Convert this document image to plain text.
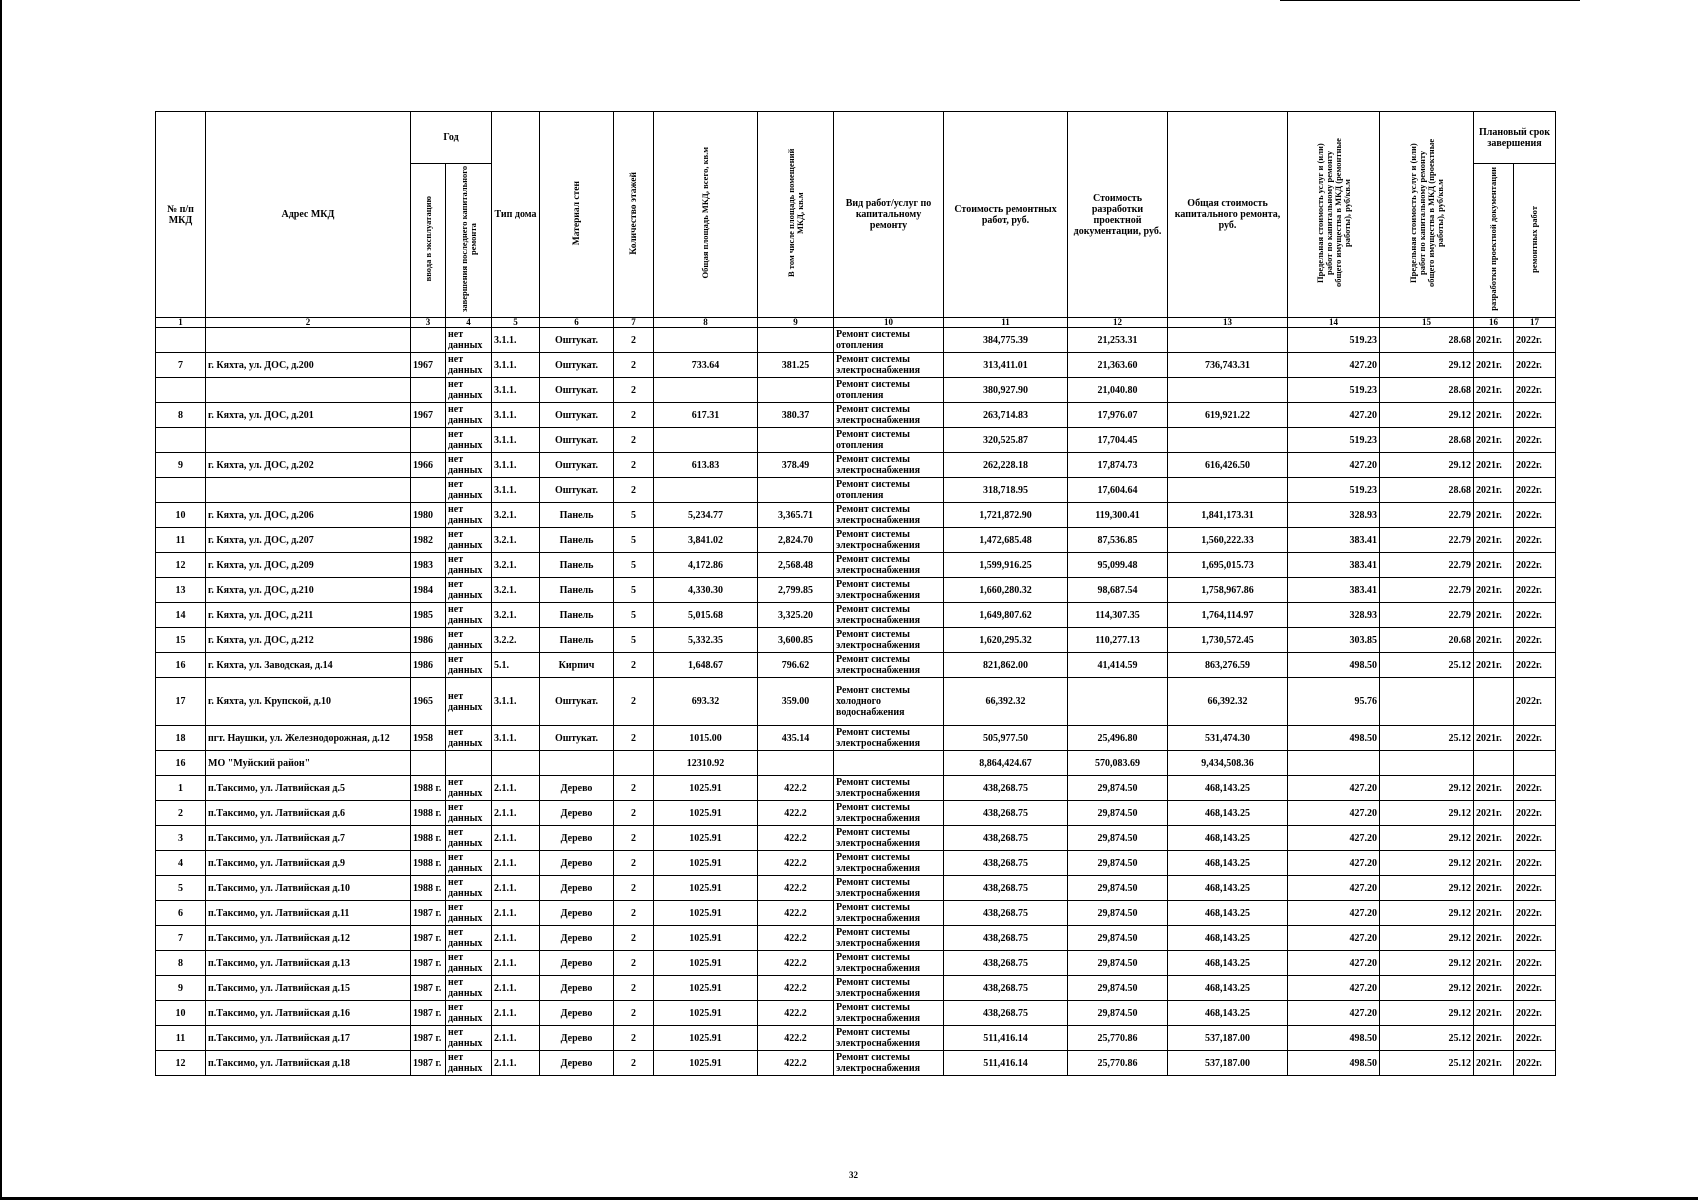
№ п/п МКД	Адрес МКД	Год		Тип дома	Материал стен	Количество этажей	Общая площадь МКД, всего, кв.м	В том числе площадь помещений МКД, кв.м	Вид работ/услуг по капитальному ремонту	Стоимость ремонтных работ, руб.	Стоимость разработки проектной документации, руб.	Общая стоимость капитального ремонта, руб.	Предельная стоимость услуг и (или) работ по капитальному ремонту общего имущества в МКД (ремонтные работы), руб/кв.м	Предельная стоимость услуг и (или) работ по капитальному ремонту общего имущества в МКД (проектные работы), руб/кв.м	Плановый срок завершения	
		ввода в эксплуатацию	завершения последнего капитального ремонта												разработки проектной документации	ремонтных работ
1	2	3	4	5	6	7	8	9	10	11	12	13	14	15	16	17
			нет данных	3.1.1.	Оштукат.	2			Ремонт системы отопления	384,775.39	21,253.31		519.23	28.68	2021г.	2022г.
7	г. Кяхта, ул. ДОС, д.200	1967	нет данных	3.1.1.	Оштукат.	2	733.64	381.25	Ремонт системы электроснабжения	313,411.01	21,363.60	736,743.31	427.20	29.12	2021г.	2022г.
			нет данных	3.1.1.	Оштукат.	2			Ремонт системы отопления	380,927.90	21,040.80		519.23	28.68	2021г.	2022г.
8	г. Кяхта, ул. ДОС, д.201	1967	нет данных	3.1.1.	Оштукат.	2	617.31	380.37	Ремонт системы электроснабжения	263,714.83	17,976.07	619,921.22	427.20	29.12	2021г.	2022г.
			нет данных	3.1.1.	Оштукат.	2			Ремонт системы отопления	320,525.87	17,704.45		519.23	28.68	2021г.	2022г.
9	г. Кяхта, ул. ДОС, д.202	1966	нет данных	3.1.1.	Оштукат.	2	613.83	378.49	Ремонт системы электроснабжения	262,228.18	17,874.73	616,426.50	427.20	29.12	2021г.	2022г.
			нет данных	3.1.1.	Оштукат.	2			Ремонт системы отопления	318,718.95	17,604.64		519.23	28.68	2021г.	2022г.
10	г. Кяхта, ул. ДОС, д.206	1980	нет данных	3.2.1.	Панель	5	5,234.77	3,365.71	Ремонт системы электроснабжения	1,721,872.90	119,300.41	1,841,173.31	328.93	22.79	2021г.	2022г.
11	г. Кяхта, ул. ДОС, д.207	1982	нет данных	3.2.1.	Панель	5	3,841.02	2,824.70	Ремонт системы электроснабжения	1,472,685.48	87,536.85	1,560,222.33	383.41	22.79	2021г.	2022г.
12	г. Кяхта, ул. ДОС, д.209	1983	нет данных	3.2.1.	Панель	5	4,172.86	2,568.48	Ремонт системы электроснабжения	1,599,916.25	95,099.48	1,695,015.73	383.41	22.79	2021г.	2022г.
13	г. Кяхта, ул. ДОС, д.210	1984	нет данных	3.2.1.	Панель	5	4,330.30	2,799.85	Ремонт системы электроснабжения	1,660,280.32	98,687.54	1,758,967.86	383.41	22.79	2021г.	2022г.
14	г. Кяхта, ул. ДОС, д.211	1985	нет данных	3.2.1.	Панель	5	5,015.68	3,325.20	Ремонт системы электроснабжения	1,649,807.62	114,307.35	1,764,114.97	328.93	22.79	2021г.	2022г.
15	г. Кяхта, ул. ДОС, д.212	1986	нет данных	3.2.2.	Панель	5	5,332.35	3,600.85	Ремонт системы электроснабжения	1,620,295.32	110,277.13	1,730,572.45	303.85	20.68	2021г.	2022г.
16	г. Кяхта, ул. Заводская, д.14	1986	нет данных	5.1.	Кирпич	2	1,648.67	796.62	Ремонт системы электроснабжения	821,862.00	41,414.59	863,276.59	498.50	25.12	2021г.	2022г.
17	г. Кяхта, ул. Крупской, д.10	1965	нет данных	3.1.1.	Оштукат.	2	693.32	359.00	Ремонт системы холодного водоснабжения	66,392.32		66,392.32	95.76			2022г.
18	пгт. Наушки, ул. Железнодорожная, д.12	1958	нет данных	3.1.1.	Оштукат.	2	1015.00	435.14	Ремонт системы электроснабжения	505,977.50	25,496.80	531,474.30	498.50	25.12	2021г.	2022г.
16	МО "Муйский район"						12310.92			8,864,424.67	570,083.69	9,434,508.36				
1	п.Таксимо, ул. Латвийская д.5	1988 г.	нет данных	2.1.1.	Дерево	2	1025.91	422.2	Ремонт системы электроснабжения	438,268.75	29,874.50	468,143.25	427.20	29.12	2021г.	2022г.
2	п.Таксимо, ул. Латвийская д.6	1988 г.	нет данных	2.1.1.	Дерево	2	1025.91	422.2	Ремонт системы электроснабжения	438,268.75	29,874.50	468,143.25	427.20	29.12	2021г.	2022г.
3	п.Таксимо, ул. Латвийская д.7	1988 г.	нет данных	2.1.1.	Дерево	2	1025.91	422.2	Ремонт системы электроснабжения	438,268.75	29,874.50	468,143.25	427.20	29.12	2021г.	2022г.
4	п.Таксимо, ул. Латвийская д.9	1988 г.	нет данных	2.1.1.	Дерево	2	1025.91	422.2	Ремонт системы электроснабжения	438,268.75	29,874.50	468,143.25	427.20	29.12	2021г.	2022г.
5	п.Таксимо, ул. Латвийская д.10	1988 г.	нет данных	2.1.1.	Дерево	2	1025.91	422.2	Ремонт системы электроснабжения	438,268.75	29,874.50	468,143.25	427.20	29.12	2021г.	2022г.
6	п.Таксимо, ул. Латвийская д.11	1987 г.	нет данных	2.1.1.	Дерево	2	1025.91	422.2	Ремонт системы электроснабжения	438,268.75	29,874.50	468,143.25	427.20	29.12	2021г.	2022г.
7	п.Таксимо, ул. Латвийская д.12	1987 г.	нет данных	2.1.1.	Дерево	2	1025.91	422.2	Ремонт системы электроснабжения	438,268.75	29,874.50	468,143.25	427.20	29.12	2021г.	2022г.
8	п.Таксимо, ул. Латвийская д.13	1987 г.	нет данных	2.1.1.	Дерево	2	1025.91	422.2	Ремонт системы электроснабжения	438,268.75	29,874.50	468,143.25	427.20	29.12	2021г.	2022г.
9	п.Таксимо, ул. Латвийская д.15	1987 г.	нет данных	2.1.1.	Дерево	2	1025.91	422.2	Ремонт системы электроснабжения	438,268.75	29,874.50	468,143.25	427.20	29.12	2021г.	2022г.
10	п.Таксимо, ул. Латвийская д.16	1987 г.	нет данных	2.1.1.	Дерево	2	1025.91	422.2	Ремонт системы электроснабжения	438,268.75	29,874.50	468,143.25	427.20	29.12	2021г.	2022г.
11	п.Таксимо, ул. Латвийская д.17	1987 г.	нет данных	2.1.1.	Дерево	2	1025.91	422.2	Ремонт системы электроснабжения	511,416.14	25,770.86	537,187.00	498.50	25.12	2021г.	2022г.
12	п.Таксимо, ул. Латвийская д.18	1987 г.	нет данных	2.1.1.	Дерево	2	1025.91	422.2	Ремонт системы электроснабжения	511,416.14	25,770.86	537,187.00	498.50	25.12	2021г.	2022г.
32
